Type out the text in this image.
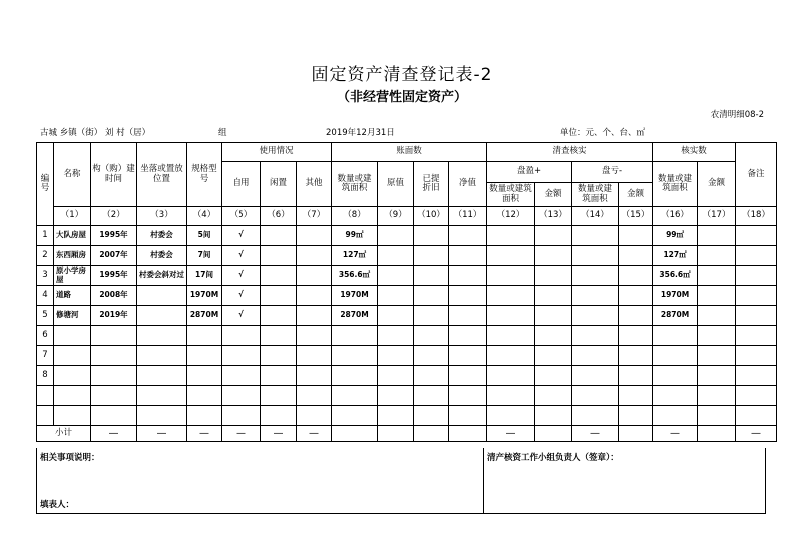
固定资产清查登记表-2
（非经营性固定资产）
农清明细08-2
古城 乡镇（街） 刘 村（居）	组	2019年12月31日	单位：元、个、台、㎡
编号	名称	构（购）建时间	坐落或置放位置	规格型号	使用情况			账面数				清查核实				核实数		备注
					自用	闲置	其他	数量或建筑面积	原值	已提折旧	净值	盘盈+		盘亏-		数量或建筑面积	金额	
												数量或建筑面积	金额	数量或建筑面积	金额			
	（1）	（2）	（3）	（4）	（5）	（6）	（7）	（8）	（9）	（10）	（11）	（12）	（13）	（14）	（15）	（16）	（17）	（18）
1	大队房屋	1995年	村委会	5间	√			99㎡								99㎡		
2	东西厢房	2007年	村委会	7间	√			127㎡								127㎡		
3	原小学房屋	1995年	村委会斜对过	17间	√			356.6㎡								356.6㎡		
4	道路	2008年		1970M	√			1970M								1970M		
5	修塘河	2019年		2870M	√			2870M								2870M		
6																		
7																		
8																		

小计		—	—	—	—	—	—					—		—		—		—
相关事项说明：	清产核资工作小组负责人（签章）：
填表人：
